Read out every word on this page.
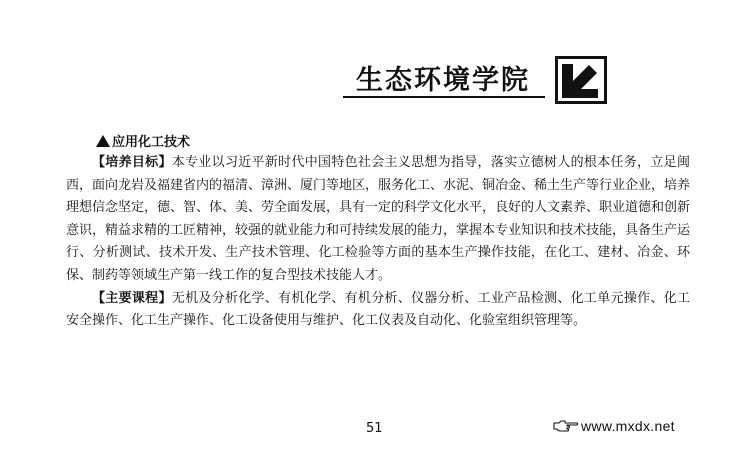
生态环境学院
应用化工技术

【培养目标】本专业以习近平新时代中国特色社会主义思想为指导，落实立德树人的根本任务，立足闽西，面向龙岩及福建省内的福清、漳洲、厦门等地区，服务化工、水泥、铜冶金、稀土生产等行业企业，培养理想信念坚定，德、智、体、美、劳全面发展，具有一定的科学文化水平，良好的人文素养、职业道德和创新意识，精益求精的工匠精神，较强的就业能力和可持续发展的能力，掌握本专业知识和技术技能，具备生产运行、分析测试、技术开发、生产技术管理、化工检验等方面的基本生产操作技能，在化工、建材、冶金、环保、制药等领域生产第一线工作的复合型技术技能人才。

【主要课程】无机及分析化学、有机化学、有机分析、仪器分析、工业产品检测、化工单元操作、化工安全操作、化工生产操作、化工设备使用与维护、化工仪表及自动化、化验室组织管理等。

51	www.mxdx.net
